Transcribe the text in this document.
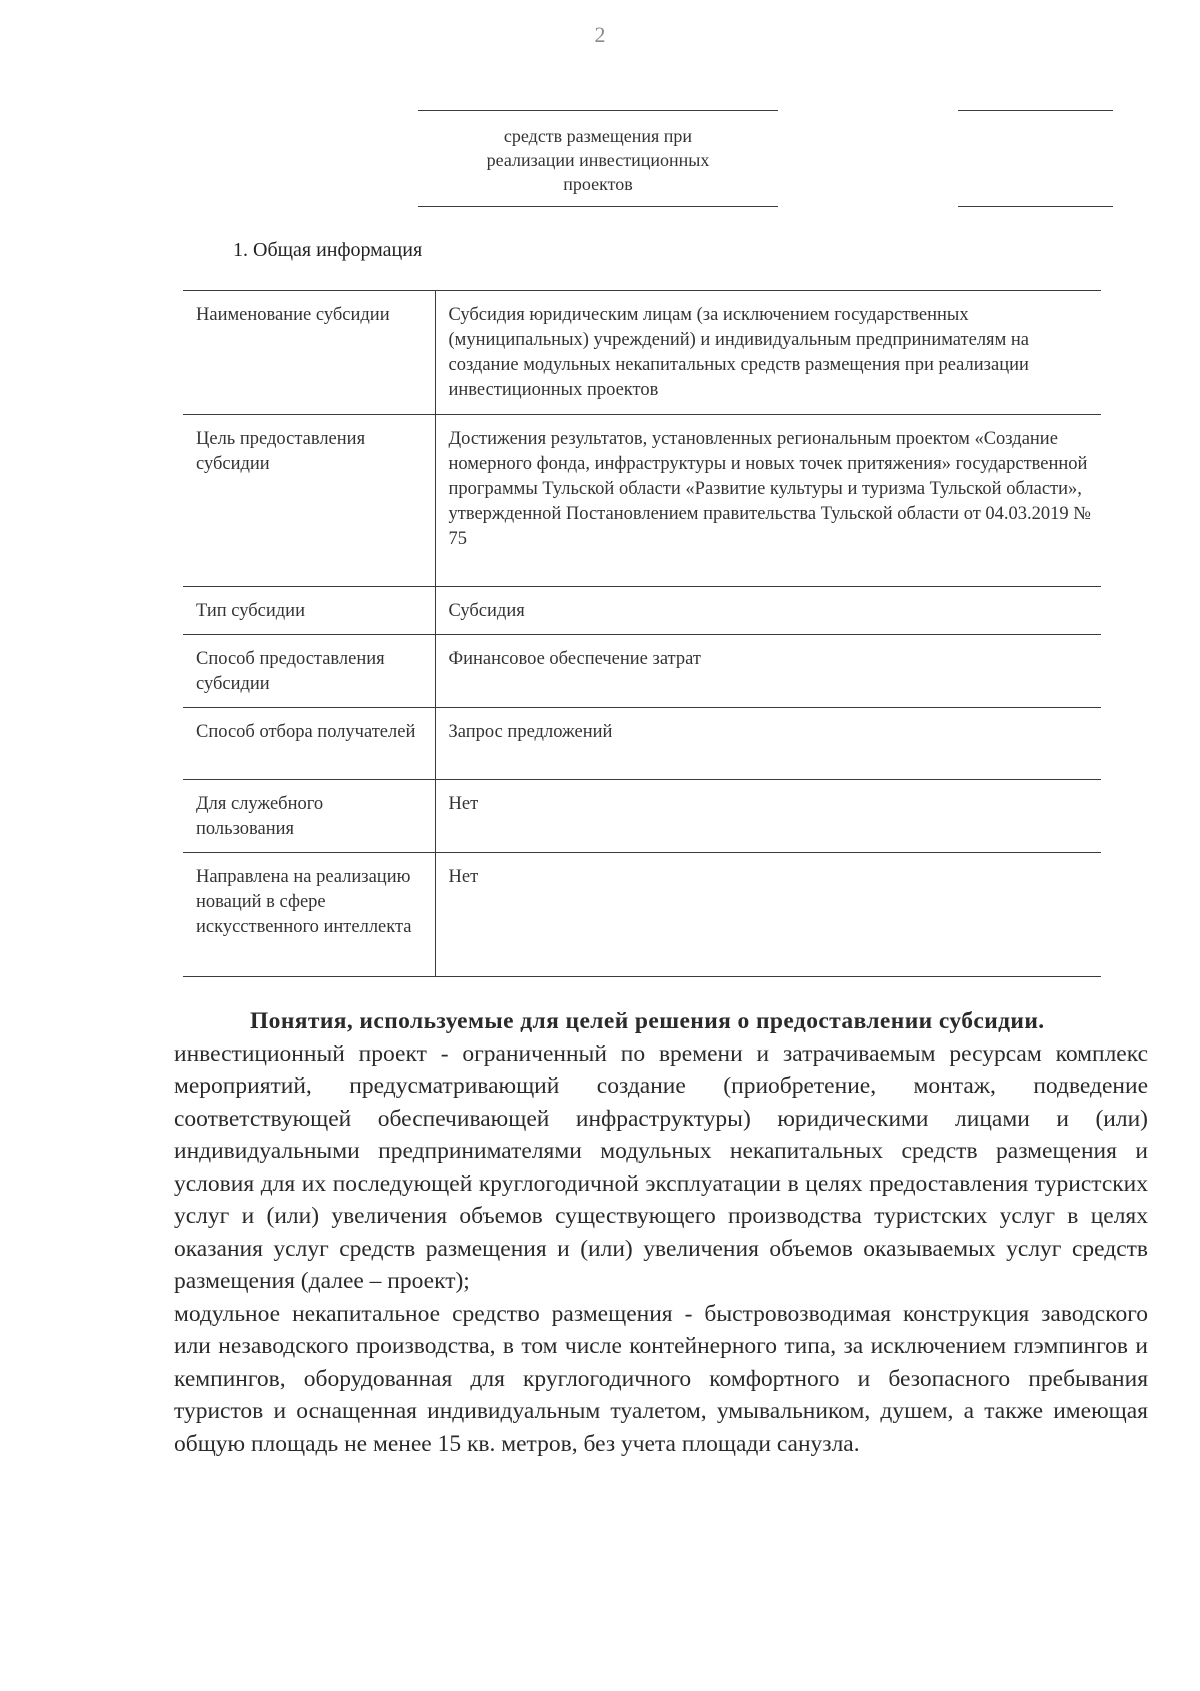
2
средств размещения при
реализации инвестиционных
проектов
1. Общая информация
Наименование субсидии	Субсидия юридическим лицам (за исключением государственных (муниципальных) учреждений) и индивидуальным предпринимателям на создание модульных некапитальных средств размещения при реализации инвестиционных проектов
Цель предоставления субсидии	Достижения результатов, установленных региональным проектом «Создание номерного фонда, инфраструктуры и новых точек притяжения» государственной программы Тульской области «Развитие культуры и туризма Тульской области», утвержденной Постановлением правительства Тульской области от 04.03.2019 № 75
Тип субсидии	Субсидия
Способ предоставления субсидии	Финансовое обеспечение затрат
Способ отбора получателей	Запрос предложений
Для служебного пользования	Нет
Направлена на реализацию новаций в сфере искусственного интеллекта	Нет
Понятия, используемые для целей решения о предоставлении субсидии.

инвестиционный проект - ограниченный по времени и затрачиваемым ресурсам комплекс мероприятий, предусматривающий создание (приобретение, монтаж, подведение соответствующей обеспечивающей инфраструктуры) юридическими лицами и (или) индивидуальными предпринимателями модульных некапитальных средств размещения и условия для их последующей круглогодичной эксплуатации в целях предоставления туристских услуг и (или) увеличения объемов существующего производства туристских услуг в целях оказания услуг средств размещения и (или) увеличения объемов оказываемых услуг средств размещения (далее – проект);

модульное некапитальное средство размещения - быстровозводимая конструкция заводского или незаводского производства, в том числе контейнерного типа, за исключением глэмпингов и кемпингов, оборудованная для круглогодичного комфортного и безопасного пребывания туристов и оснащенная индивидуальным туалетом, умывальником, душем, а также имеющая общую площадь не менее 15 кв. метров, без учета площади санузла.
